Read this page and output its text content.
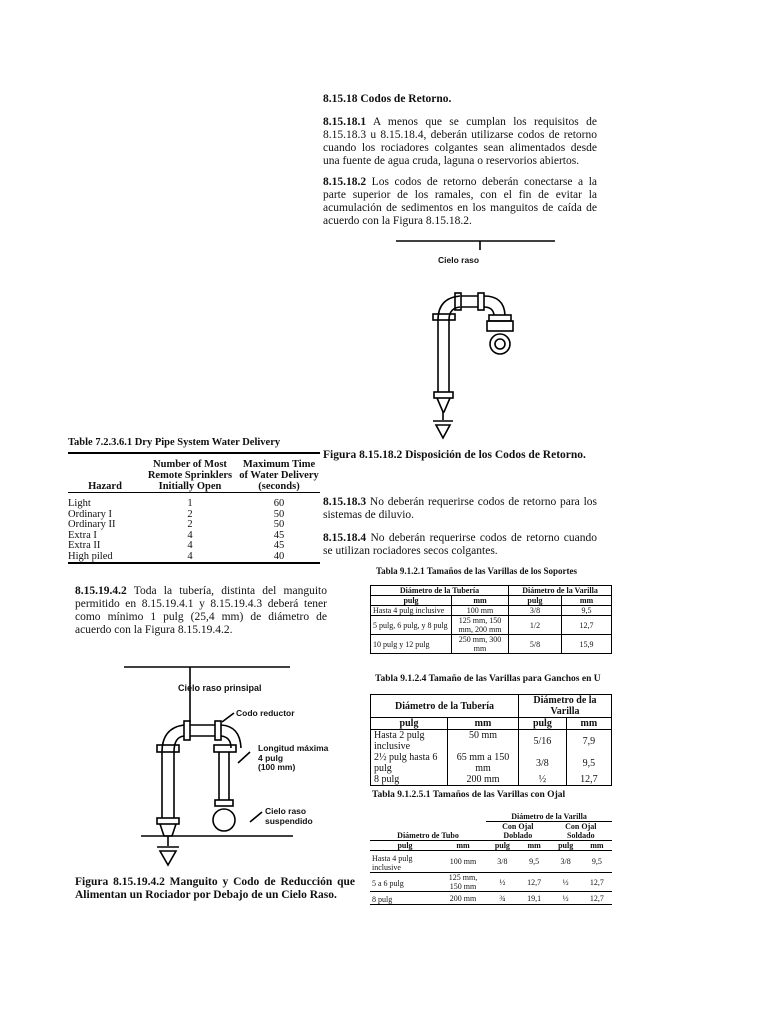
8.15.18 Codos de Retorno.

8.15.18.1 A menos que se cumplan los requisitos de 8.15.18.3 u 8.15.18.4, deberán utilizarse codos de retorno cuando los rociadores colgantes sean alimentados desde una fuente de agua cruda, laguna o reservorios abiertos.

8.15.18.2 Los codos de retorno deberán conectarse a la parte superior de los ramales, con el fin de evitar la acumulación de sedimentos en los manguitos de caída de acuerdo con la Figura 8.15.18.2.

Cielo raso
Figura 8.15.18.2 Disposición de los Codos de Retorno.
Table 7.2.3.6.1 Dry Pipe System Water Delivery
Hazard	Number of Most Remote Sprinklers Initially Open	Maximum Time of Water Delivery (seconds)
Light	1	60
Ordinary I	2	50
Ordinary II	2	50
Extra I	4	45
Extra II	4	45
High piled	4	40

8.15.18.3 No deberán requerirse codos de retorno para los sistemas de diluvio.

8.15.18.4 No deberán requerirse codos de retorno cuando se utilizan rociadores secos colgantes.

Tabla 9.1.2.1 Tamaños de las Varillas de los Soportes
Diámetro de la Tubería		Diámetro de la Varilla	
pulg	mm	pulg	mm
Hasta 4 pulg inclusive	100 mm	3/8	9,5
5 pulg, 6 pulg, y 8 pulg	125 mm, 150 mm, 200 mm	1/2	12,7
10 pulg y 12 pulg	250 mm, 300 mm	5/8	15,9

8.15.19.4.2 Toda la tubería, distinta del manguito permitido en 8.15.19.4.1 y 8.15.19.4.3 deberá tener como mínimo 1 pulg (25,4 mm) de diámetro de acuerdo con la Figura 8.15.19.4.2.

Cielo raso prinsipal
Codo reductor
Longitud máxima
4 pulg
(100 mm)
Cielo raso
suspendido
Figura 8.15.19.4.2 Manguito y Codo de Reducción que Alimentan un Rociador por Debajo de un Cielo Raso.
Tabla 9.1.2.4 Tamaño de las Varillas para Ganchos en U
Diámetro de la Tubería		Diámetro de la Varilla	
pulg	mm	pulg	mm
Hasta 2 pulg inclusive	50 mm	5/16	7,9
2½ pulg hasta 6 pulg	65 mm a 150 mm	3/8	9,5
8 pulg	200 mm	½	12,7
Tabla 9.1.2.5.1 Tamaños de las Varillas con Ojal
Diámetro de Tubo		Diámetro de la Varilla			
		Con Ojal Doblado		Con Ojal Soldado	
pulg	mm	pulg	mm	pulg	mm
Hasta 4 pulg inclusive	100 mm	3/8	9,5	3/8	9,5
5 a 6 pulg	125 mm, 150 mm	½	12,7	½	12,7
8 pulg	200 mm	¾	19,1	½	12,7
